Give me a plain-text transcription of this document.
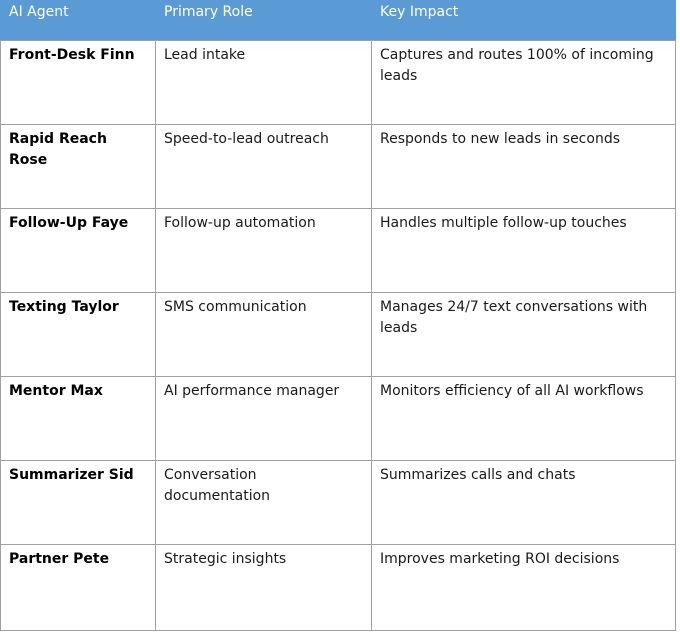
AI Agent	Primary Role	Key Impact
Front-Desk Finn	Lead intake	Captures and routes 100% of incoming leads
Rapid Reach Rose	Speed-to-lead outreach	Responds to new leads in seconds
Follow-Up Faye	Follow-up automation	Handles multiple follow-up touches
Texting Taylor	SMS communication	Manages 24/7 text conversations with leads
Mentor Max	AI performance manager	Monitors efficiency of all AI workflows
Summarizer Sid	Conversation documentation	Summarizes calls and chats
Partner Pete	Strategic insights	Improves marketing ROI decisions
